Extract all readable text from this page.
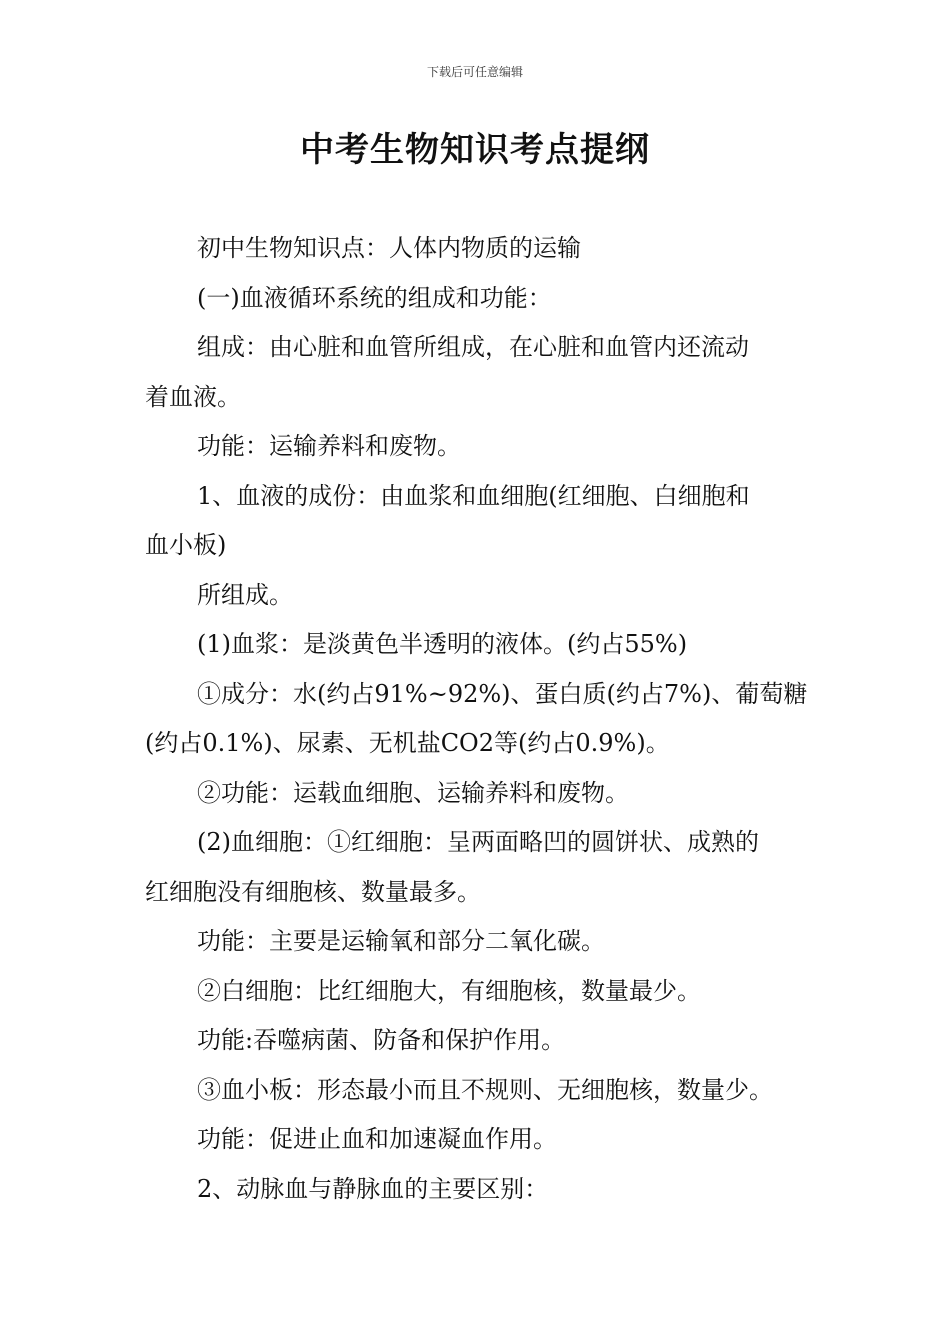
下载后可任意编辑
中考生物知识考点提纲

初中生物知识点：人体内物质的运输

(一)血液循环系统的组成和功能：

组成：由心脏和血管所组成，在心脏和血管内还流动

着血液。

功能：运输养料和废物。

1、血液的成份：由血浆和血细胞(红细胞、白细胞和

血小板)

所组成。

(1)血浆：是淡黄色半透明的液体。(约占55%)

①成分：水(约占91%~92%)、蛋白质(约占7%)、葡萄糖

(约占0.1%)、尿素、无机盐CO2等(约占0.9%)。

②功能：运载血细胞、运输养料和废物。

(2)血细胞：①红细胞：呈两面略凹的圆饼状、成熟的

红细胞没有细胞核、数量最多。

功能：主要是运输氧和部分二氧化碳。

②白细胞：比红细胞大，有细胞核，数量最少。

功能:吞噬病菌、防备和保护作用。

③血小板：形态最小而且不规则、无细胞核，数量少。

功能：促进止血和加速凝血作用。

2、动脉血与静脉血的主要区别：
